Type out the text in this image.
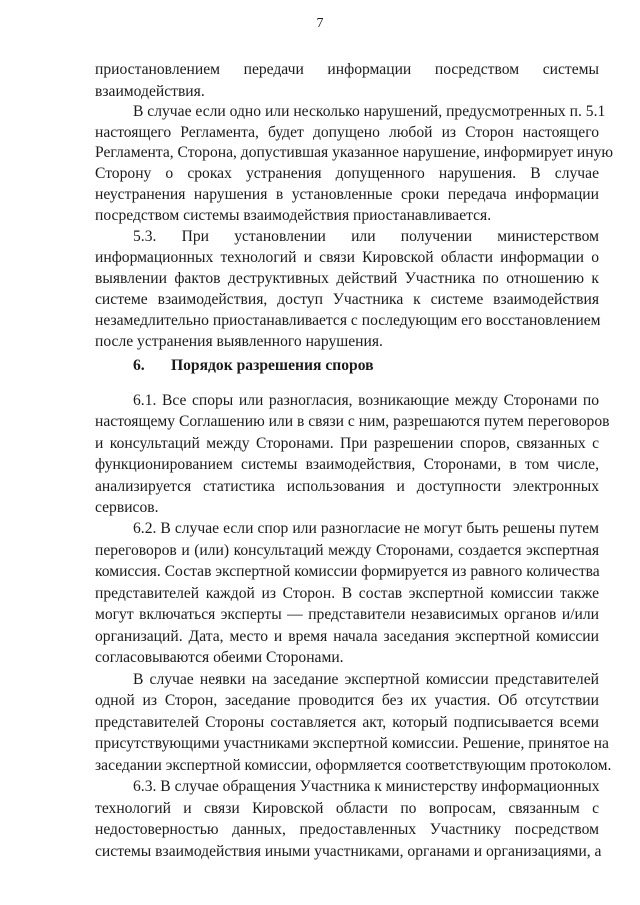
7
приостановлением передачи информации посредством системы
взаимодействия.
В случае если одно или несколько нарушений, предусмотренных п. 5.1
настоящего Регламента, будет допущено любой из Сторон настоящего
Регламента, Сторона, допустившая указанное нарушение, информирует иную
Сторону о сроках устранения допущенного нарушения. В случае
неустранения нарушения в установленные сроки передача информации
посредством системы взаимодействия приостанавливается.
5.3. При установлении или получении министерством
информационных технологий и связи Кировской области информации о
выявлении фактов деструктивных действий Участника по отношению к
системе взаимодействия, доступ Участника к системе взаимодействия
незамедлительно приостанавливается с последующим его восстановлением
после устранения выявленного нарушения.
6. Порядок разрешения споров
6.1. Все споры или разногласия, возникающие между Сторонами по
настоящему Соглашению или в связи с ним, разрешаются путем переговоров
и консультаций между Сторонами. При разрешении споров, связанных с
функционированием системы взаимодействия, Сторонами, в том числе,
анализируется статистика использования и доступности электронных
сервисов.
6.2. В случае если спор или разногласие не могут быть решены путем
переговоров и (или) консультаций между Сторонами, создается экспертная
комиссия. Состав экспертной комиссии формируется из равного количества
представителей каждой из Сторон. В состав экспертной комиссии также
могут включаться эксперты — представители независимых органов и/или
организаций. Дата, место и время начала заседания экспертной комиссии
согласовываются обеими Сторонами.
В случае неявки на заседание экспертной комиссии представителей
одной из Сторон, заседание проводится без их участия. Об отсутствии
представителей Стороны составляется акт, который подписывается всеми
присутствующими участниками экспертной комиссии. Решение, принятое на
заседании экспертной комиссии, оформляется соответствующим протоколом.
6.3. В случае обращения Участника к министерству информационных
технологий и связи Кировской области по вопросам, связанным с
недостоверностью данных, предоставленных Участнику посредством
системы взаимодействия иными участниками, органами и организациями, а
